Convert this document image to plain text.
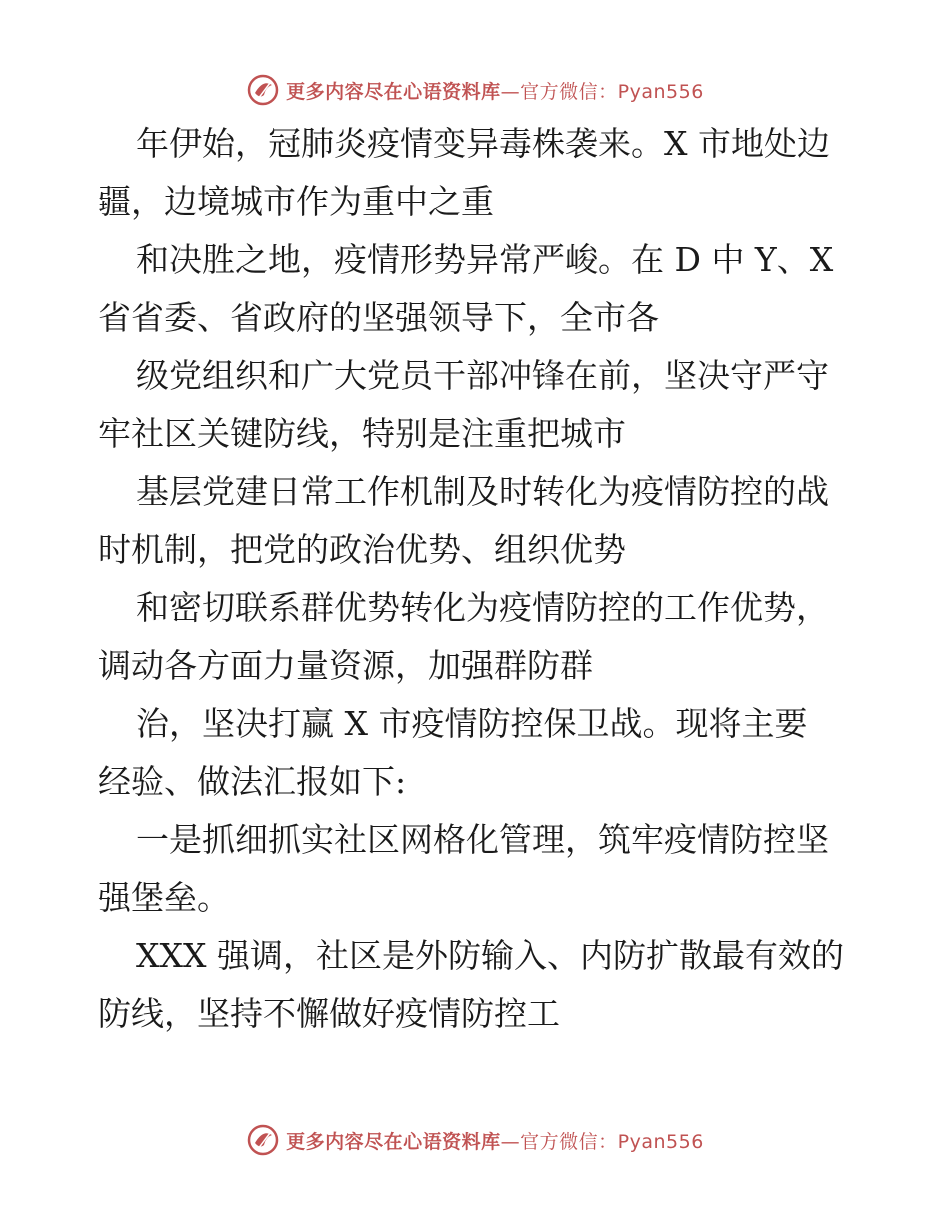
更多内容尽在心语资料库—官方微信：Pyan556
年伊始，冠肺炎疫情变异毒株袭来。X 市地处边
疆，边境城市作为重中之重
和决胜之地，疫情形势异常严峻。在 D 中 Y、X
省省委、省政府的坚强领导下，全市各
级党组织和广大党员干部冲锋在前，坚决守严守
牢社区关键防线，特别是注重把城市
基层党建日常工作机制及时转化为疫情防控的战
时机制，把党的政治优势、组织优势
和密切联系群优势转化为疫情防控的工作优势，
调动各方面力量资源，加强群防群
治，坚决打赢 X 市疫情防控保卫战。现将主要
经验、做法汇报如下:
一是抓细抓实社区网格化管理，筑牢疫情防控坚
强堡垒。
XXX 强调，社区是外防输入、内防扩散最有效的
防线，坚持不懈做好疫情防控工
更多内容尽在心语资料库—官方微信：Pyan556
